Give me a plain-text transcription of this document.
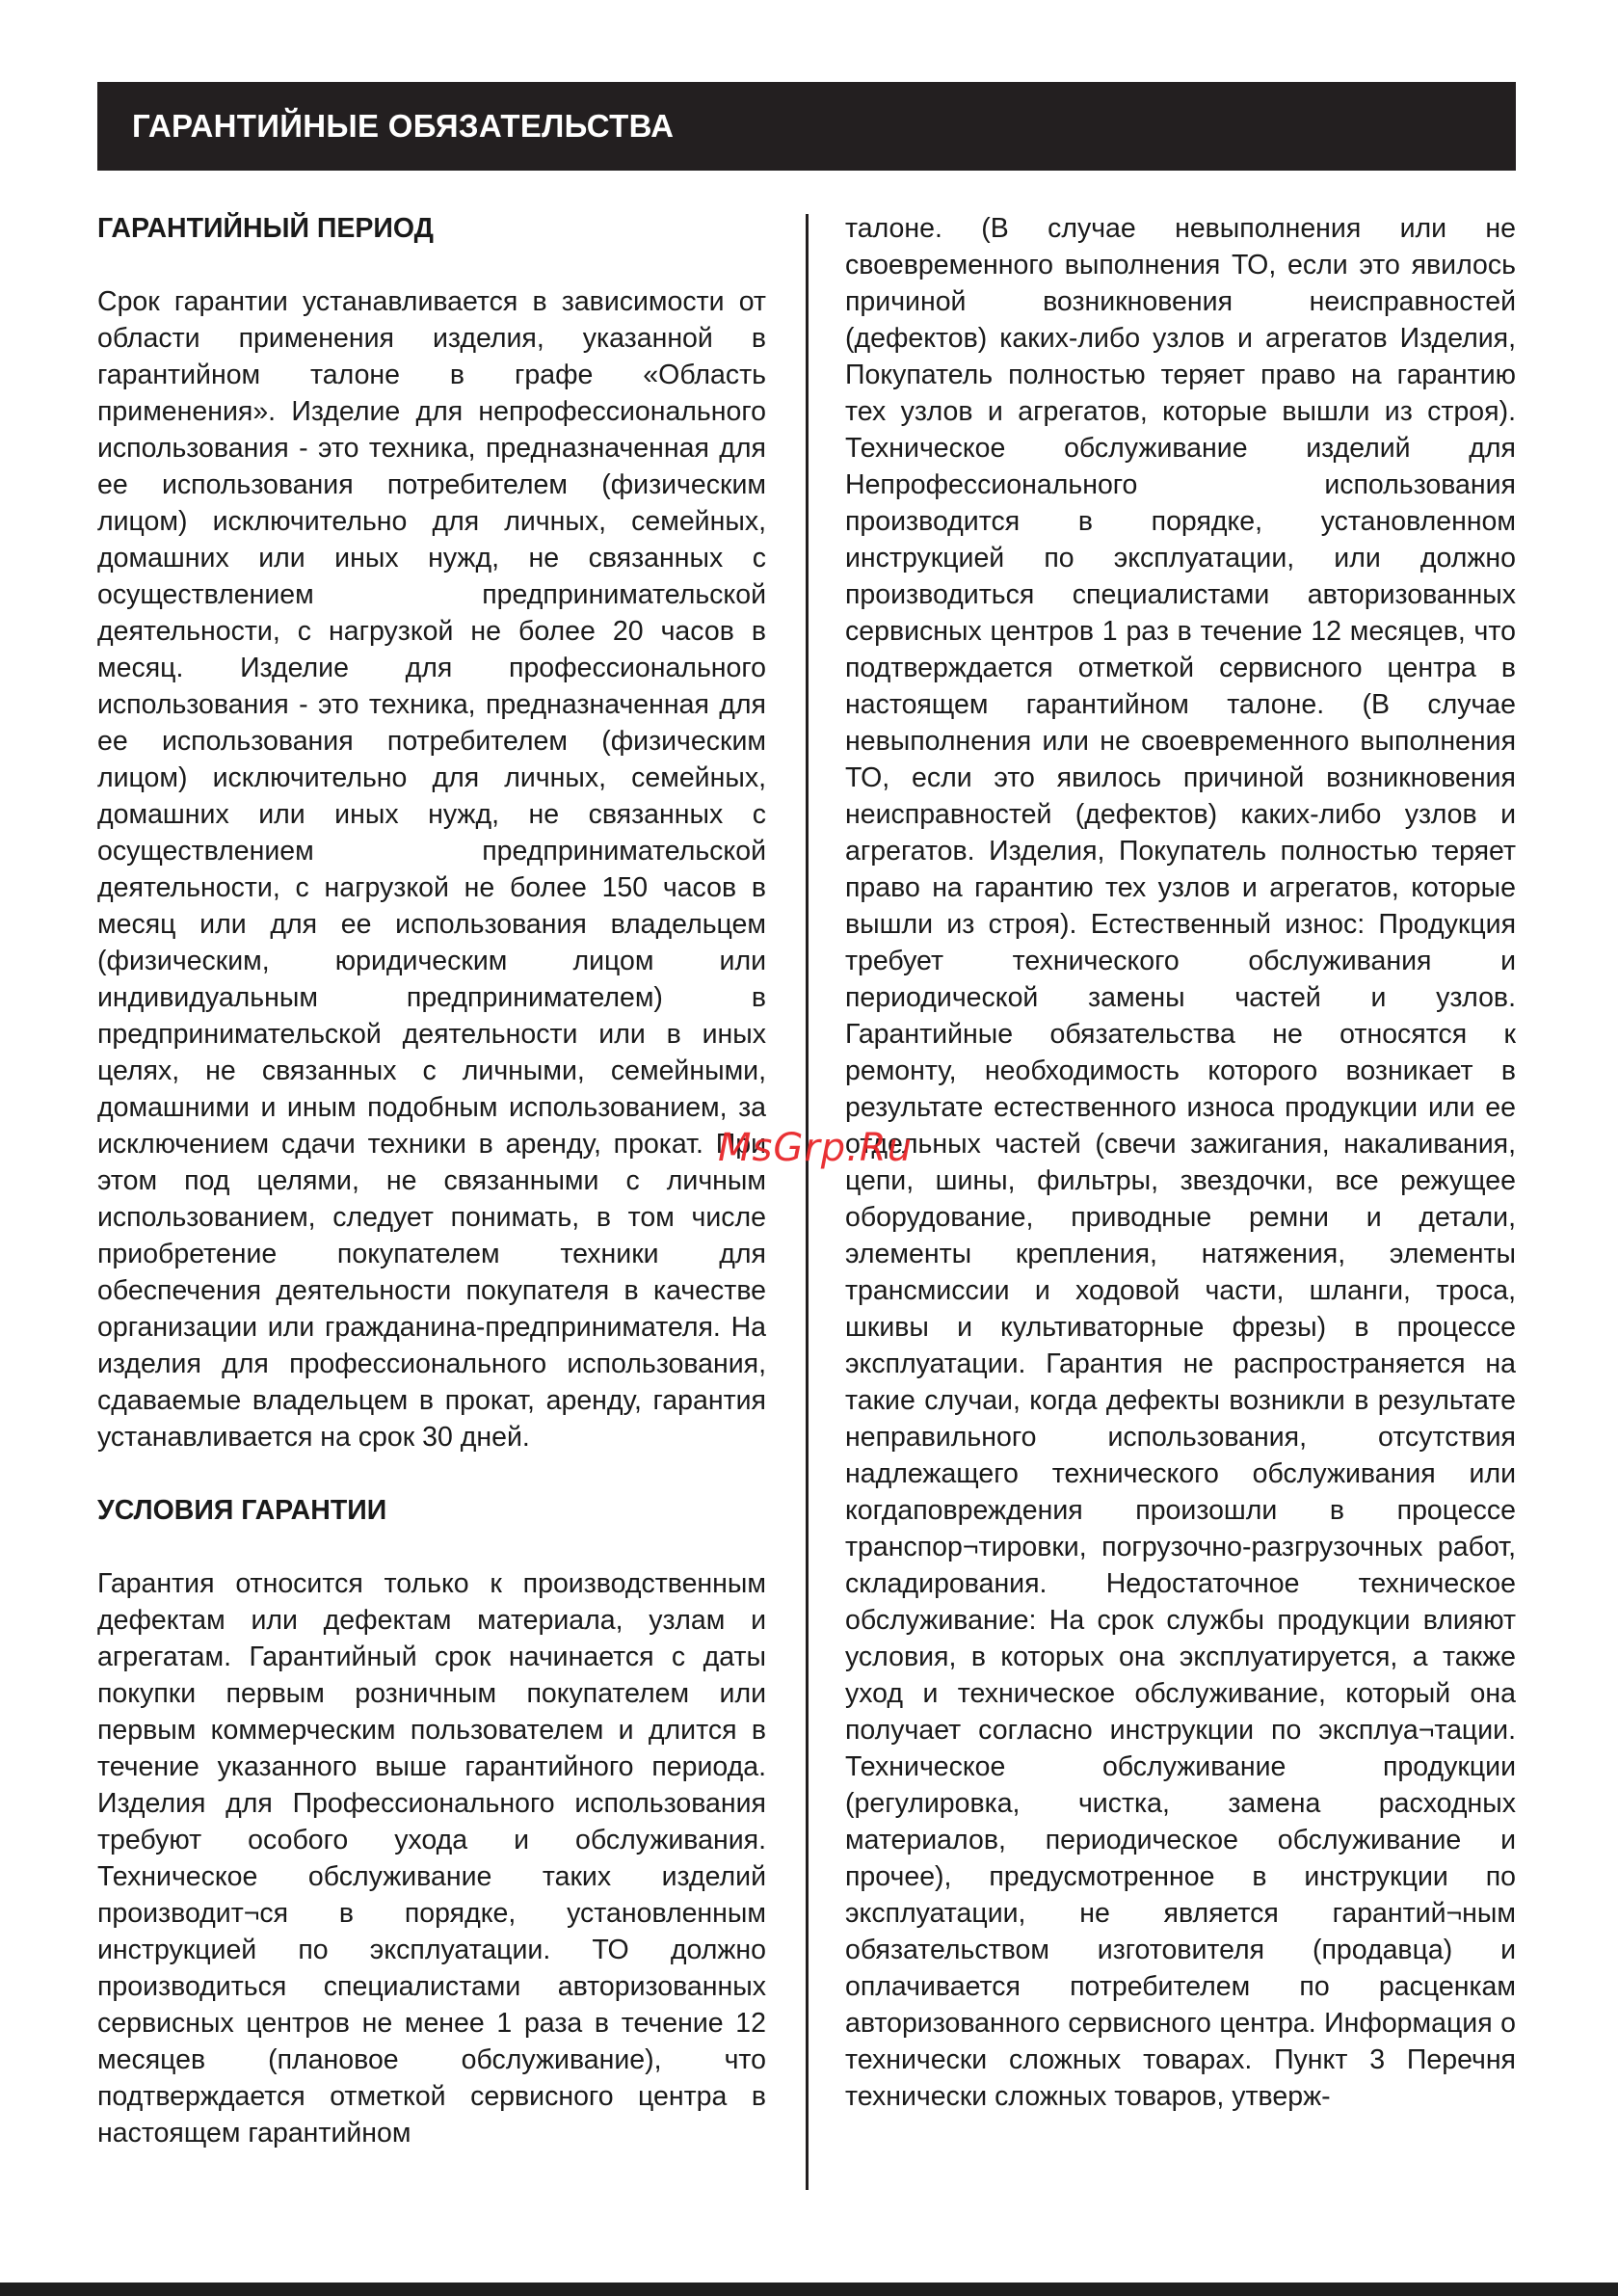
ГАРАНТИЙНЫЕ ОБЯЗАТЕЛЬСТВА
ГАРАНТИЙНЫЙ ПЕРИОД

Срок гарантии устанавливается в зависимости от области применения изделия, указанной в гарантийном талоне в графе «Область применения». Изделие для непрофессионального использования - это техника, предназначенная для ее использования потребителем (физическим лицом) исключительно для личных, семейных, домашних или иных нужд, не связанных с осуществлением предпринимательской деятельности, с нагрузкой не более 20 часов в месяц. Изделие для профессионального использования - это техника, предназначенная для ее использования потребителем (физическим лицом) исключительно для личных, семейных, домашних или иных нужд, не связанных с осуществлением предпринимательской деятельности, с нагрузкой не более 150 часов в месяц или для ее использования владельцем (физическим, юридическим лицом или индивидуальным предпринимателем) в предпринимательской деятельности или в иных целях, не связанных с личными, семейными, домашними и иным подобным использованием, за исключением сдачи техники в аренду, прокат. При этом под целями, не связанными с личным использованием, следует понимать, в том числе приобретение покупателем техники для обеспечения деятельности покупателя в качестве организации или гражданина-предпринимателя. На изделия для профессионального использования, сдаваемые владельцем в прокат, аренду, гарантия устанавливается на срок 30 дней.

УСЛОВИЯ ГАРАНТИИ

Гарантия относится только к производственным дефектам или дефектам материала, узлам и агрегатам. Гарантийный срок начинается с даты покупки первым розничным покупателем или первым коммерческим пользователем и длится в течение указанного выше гарантийного периода. Изделия для Профессионального использования требуют особого ухода и обслуживания. Техническое обслуживание таких изделий производит¬ся в порядке, установленным инструкцией по эксплуатации. ТО должно производиться специалистами авторизованных сервисных центров не менее 1 раза в течение 12 месяцев (плановое обслуживание), что подтверждается отметкой сервисного центра в настоящем гарантийном

талоне. (В случае невыполнения или не своевременного выполнения ТО, если это явилось причиной возникновения неисправностей (дефектов) каких-либо узлов и агрегатов Изделия, Покупатель полностью теряет право на гарантию тех узлов и агрегатов, которые вышли из строя). Техническое обслуживание изделий для Непрофессионального использования производится в порядке, установленном инструкцией по эксплуатации, или должно производиться специалистами авторизованных сервисных центров 1 раз в течение 12 месяцев, что подтверждается отметкой сервисного центра в настоящем гарантийном талоне. (В случае невыполнения или не своевременного выполнения ТО, если это явилось причиной возникновения неисправностей (дефектов) каких-либо узлов и агрегатов. Изделия, Покупатель полностью теряет право на гарантию тех узлов и агрегатов, которые вышли из строя). Естественный износ: Продукция требует технического обслуживания и периодической замены частей и узлов. Гарантийные обязательства не относятся к ремонту, необходимость которого возникает в результате естественного износа продукции или ее отдельных частей (свечи зажигания, накаливания, цепи, шины, фильтры, звездочки, все режущее оборудование, приводные ремни и детали, элементы крепления, натяжения, элементы трансмиссии и ходовой части, шланги, троса, шкивы и культиваторные фрезы) в процессе эксплуатации. Гарантия не распространяется на такие случаи, когда дефекты возникли в результате неправильного использования, отсутствия надлежащего технического обслуживания или когдаповреждения произошли в процессе транспор¬тировки, погрузочно-разгрузочных работ, складирования. Недостаточное техническое обслуживание: На срок службы продукции влияют условия, в которых она эксплуатируется, а также уход и техническое обслуживание, который она получает согласно инструкции по эксплуа¬тации. Техническое обслуживание продукции (регулировка, чистка, замена расходных материалов, периодическое обслуживание и прочее), предусмотренное в инструкции по эксплуатации, не является гарантий¬ным обязательством изготовителя (продавца) и оплачивается потребителем по расценкам авторизованного сервисного центра. Информация о технически сложных товарах. Пункт 3 Перечня технически сложных товаров, утверж-

MsGrp.Ru
